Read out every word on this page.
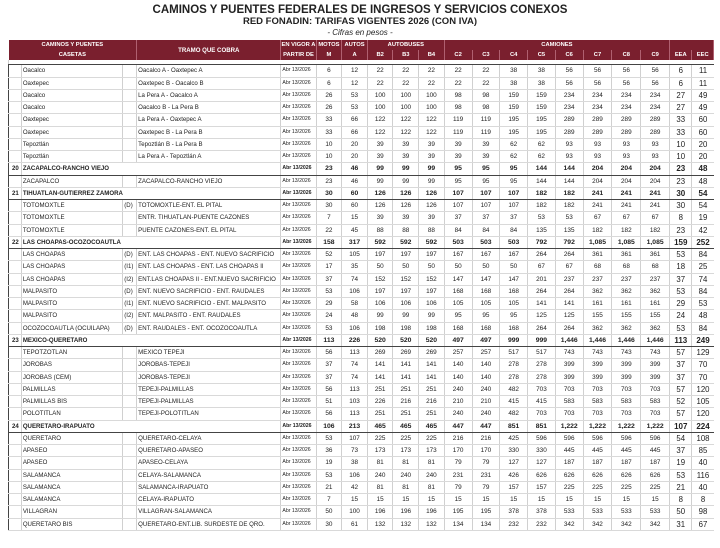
CAMINOS Y PUENTES FEDERALES DE INGRESOS Y SERVICIOS CONEXOS
RED FONADIN: TARIFAS VIGENTES 2026 (CON IVA)
- Cifras en pesos -
CAMINOS Y PUENTES			TRAMO QUE COBRA	EN VIGOR A	MOTOS	AUTOS	AUTOBUSES			CAMIONES									
CASETAS				PARTIR DE	M	A	B2	B3	B4	C2	C3	C4	C5	C6	C7	C8	C9	EEA	EEC

	Oacalco		Oacalco A - Oaxtepec A	Abr 13/2026	6	12	22	22	22	22	22	38	38	56	56	56	56	6	11
	Oaxtepec		Oaxtepec B - Oacalco B	Abr 13/2026	6	12	22	22	22	22	22	38	38	56	56	56	56	6	11
	Oacalco		La Pera A - Oacalco A	Abr 13/2026	26	53	100	100	100	98	98	159	159	234	234	234	234	27	49
	Oacalco		Oacalco B - La Pera B	Abr 13/2026	26	53	100	100	100	98	98	159	159	234	234	234	234	27	49
	Oaxtepec		La Pera A - Oaxtepec A	Abr 13/2026	33	66	122	122	122	119	119	195	195	289	289	289	289	33	60
	Oaxtepec		Oaxtepec B - La Pera B	Abr 13/2026	33	66	122	122	122	119	119	195	195	289	289	289	289	33	60
	Tepoztlán		Tepoztlán B - La Pera B	Abr 13/2026	10	20	39	39	39	39	39	62	62	93	93	93	93	10	20
	Tepoztlán		La Pera A - Tepoztlán A	Abr 13/2026	10	20	39	39	39	39	39	62	62	93	93	93	93	10	20
20	ZACAPALCO-RANCHO VIEJO			Abr 13/2026	23	46	99	99	99	95	95	95	144	144	204	204	204	23	48
	ZACAPALCO		ZACAPALCO-RANCHO VIEJO	Abr 13/2026	23	46	99	99	99	95	95	95	144	144	204	204	204	23	48
21	TIHUATLAN-GUTIERREZ ZAMORA			Abr 13/2026	30	60	126	126	126	107	107	107	182	182	241	241	241	30	54
	TOTOMOXTLE	(D)	TOTOMOXTLE-ENT. EL PITAL	Abr 13/2026	30	60	126	126	126	107	107	107	182	182	241	241	241	30	54
	TOTOMOXTLE		ENTR. TIHUATLAN-PUENTE CAZONES	Abr 13/2026	7	15	39	39	39	37	37	37	53	53	67	67	67	8	19
	TOTOMOXTLE		PUENTE CAZONES-ENT. EL PITAL	Abr 13/2026	22	45	88	88	88	84	84	84	135	135	182	182	182	23	42
22	LAS CHOAPAS-OCOZOCOAUTLA			Abr 13/2026	158	317	592	592	592	503	503	503	792	792	1,085	1,085	1,085	159	252
	LAS CHOAPAS	(D)	ENT. LAS CHOAPAS - ENT. NUEVO SACRIFICIO	Abr 13/2026	52	105	197	197	197	167	167	167	264	264	361	361	361	53	84
	LAS CHOAPAS	(I1)	ENT. LAS CHOAPAS - ENT. LAS CHOAPAS II	Abr 13/2026	17	35	50	50	50	50	50	50	67	67	68	68	68	18	25
	LAS CHOAPAS	(I2)	ENT.LAS CHOAPAS II - ENT.NUEVO SACRIFICIO	Abr 13/2026	37	74	152	152	152	147	147	147	201	237	237	237	237	37	74
	MALPASITO	(D)	ENT. NUEVO SACRIFICIO - ENT. RAUDALES	Abr 13/2026	53	106	197	197	197	168	168	168	264	264	362	362	362	53	84
	MALPASITO	(I1)	ENT. NUEVO SACRIFICIO - ENT. MALPASITO	Abr 13/2026	29	58	106	106	106	105	105	105	141	141	161	161	161	29	53
	MALPASITO	(I2)	ENT. MALPASITO - ENT. RAUDALES	Abr 13/2026	24	48	99	99	99	95	95	95	125	125	155	155	155	24	48
	OCOZOCOAUTLA (OCUILAPA)	(D)	ENT. RAUDALES - ENT. OCOZOCOAUTLA	Abr 13/2026	53	106	198	198	198	168	168	168	264	264	362	362	362	53	84
23	MEXICO-QUERETARO			Abr 13/2026	113	226	520	520	520	497	497	999	999	1,446	1,446	1,446	1,446	113	249
	TEPOTZOTLAN		MEXICO TEPEJI	Abr 13/2026	56	113	269	269	269	257	257	517	517	743	743	743	743	57	129
	JOROBAS		JOROBAS-TEPEJI	Abr 13/2026	37	74	141	141	141	140	140	278	278	399	399	399	399	37	70
	JOROBAS (CEM)		JOROBAS-TEPEJI	Abr 13/2026	37	74	141	141	141	140	140	278	278	399	399	399	399	37	70
	PALMILLAS		TEPEJI-PALMILLAS	Abr 13/2026	56	113	251	251	251	240	240	482	703	703	703	703	703	57	120
	PALMILLAS BIS		TEPEJI-PALMILLAS	Abr 13/2026	51	103	226	216	216	210	210	415	415	583	583	583	583	52	105
	POLOTITLAN		TEPEJI-POLOTITLAN	Abr 13/2026	56	113	251	251	251	240	240	482	703	703	703	703	703	57	120
24	QUERETARO-IRAPUATO			Abr 13/2026	106	213	465	465	465	447	447	851	851	1,222	1,222	1,222	1,222	107	224
	QUERETARO		QUERETARO-CELAYA	Abr 13/2026	53	107	225	225	225	216	216	425	596	596	596	596	596	54	108
	APASEO		QUERETARO-APASEO	Abr 13/2026	36	73	173	173	173	170	170	330	330	445	445	445	445	37	85
	APASEO		APASEO-CELAYA	Abr 13/2026	19	38	81	81	81	79	79	127	127	187	187	187	187	19	40
	SALAMANCA		CELAYA-SALAMANCA	Abr 13/2026	53	106	240	240	240	231	231	426	626	626	626	626	626	53	116
	SALAMANCA		SALAMANCA-IRAPUATO	Abr 13/2026	21	42	81	81	81	79	79	157	157	225	225	225	225	21	40
	SALAMANCA		CELAYA-IRAPUATO	Abr 13/2026	7	15	15	15	15	15	15	15	15	15	15	15	15	8	8
	VILLAGRAN		VILLAGRAN-SALAMANCA	Abr 13/2026	50	100	196	196	196	195	195	378	378	533	533	533	533	50	98
	QUERETARO BIS		QUERETARO-ENT.LIB. SURDESTE DE QRO.	Abr 13/2026	30	61	132	132	132	134	134	232	232	342	342	342	342	31	67
